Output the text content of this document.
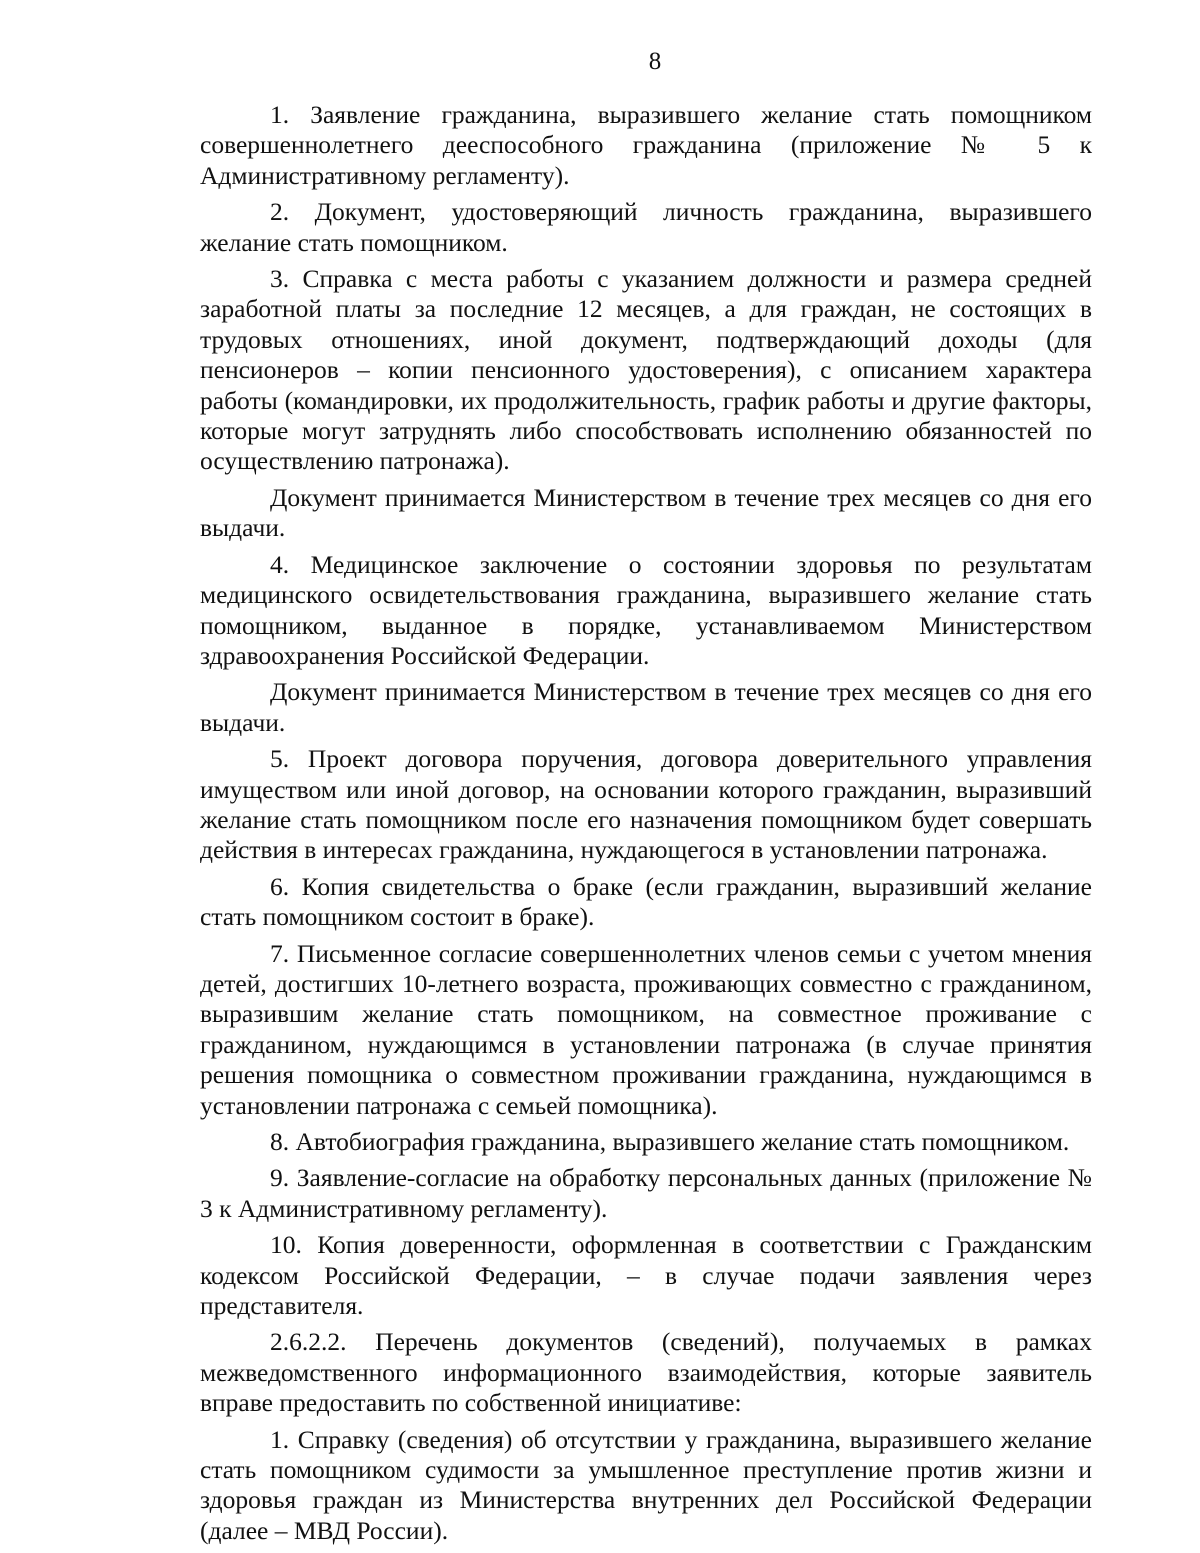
8

1. Заявление гражданина, выразившего желание стать помощником совершеннолетнего дееспособного гражданина (приложение № 5 к Административному регламенту).

2. Документ, удостоверяющий личность гражданина, выразившего желание стать помощником.

3. Справка с места работы с указанием должности и размера средней заработной платы за последние 12 месяцев, а для граждан, не состоящих в трудовых отношениях, иной документ, подтверждающий доходы (для пенсионеров – копии пенсионного удостоверения), с описанием характера работы (командировки, их продолжительность, график работы и другие факторы, которые могут затруднять либо способствовать исполнению обязанностей по осуществлению патронажа).

Документ принимается Министерством в течение трех месяцев со дня его выдачи.

4. Медицинское заключение о состоянии здоровья по результатам медицинского освидетельствования гражданина, выразившего желание стать помощником, выданное в порядке, устанавливаемом Министерством здравоохранения Российской Федерации.

Документ принимается Министерством в течение трех месяцев со дня его выдачи.

5. Проект договора поручения, договора доверительного управления имуществом или иной договор, на основании которого гражданин, выразивший желание стать помощником после его назначения помощником будет совершать действия в интересах гражданина, нуждающегося в установлении патронажа.

6. Копия свидетельства о браке (если гражданин, выразивший желание стать помощником состоит в браке).

7. Письменное согласие совершеннолетних членов семьи с учетом мнения детей, достигших 10-летнего возраста, проживающих совместно с гражданином, выразившим желание стать помощником, на совместное проживание с гражданином, нуждающимся в установлении патронажа (в случае принятия решения помощника о совместном проживании гражданина, нуждающимся в установлении патронажа с семьей помощника).

8. Автобиография гражданина, выразившего желание стать помощником.

9. Заявление-согласие на обработку персональных данных (приложение № 3 к Административному регламенту).

10. Копия доверенности, оформленная в соответствии с Гражданским кодексом Российской Федерации, – в случае подачи заявления через представителя.

2.6.2.2. Перечень документов (сведений), получаемых в рамках межведомственного информационного взаимодействия, которые заявитель вправе предоставить по собственной инициативе:

1. Справку (сведения) об отсутствии у гражданина, выразившего желание стать помощником судимости за умышленное преступление против жизни и здоровья граждан из Министерства внутренних дел Российской Федерации (далее – МВД России).
